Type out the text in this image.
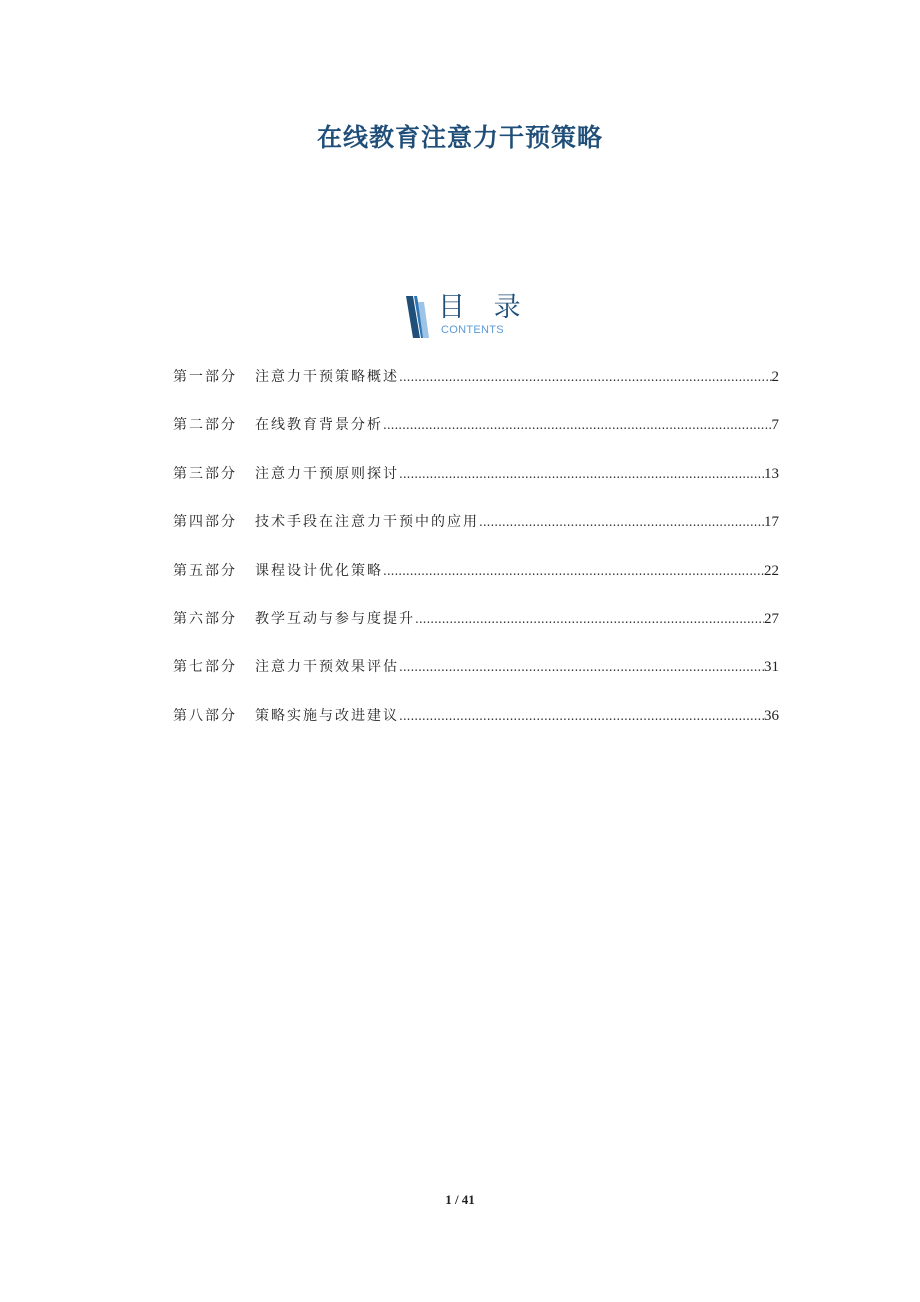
在线教育注意力干预策略
目 录
CONTENTS
第一部分	注意力干预策略概述 .....	2
第二部分	在线教育背景分析 .....	7
第三部分	注意力干预原则探讨 .....	13
第四部分	技术手段在注意力干预中的应用 .....	17
第五部分	课程设计优化策略 .....	22
第六部分	教学互动与参与度提升 .....	27
第七部分	注意力干预效果评估 .....	31
第八部分	策略实施与改进建议 .....	36
1 / 41
